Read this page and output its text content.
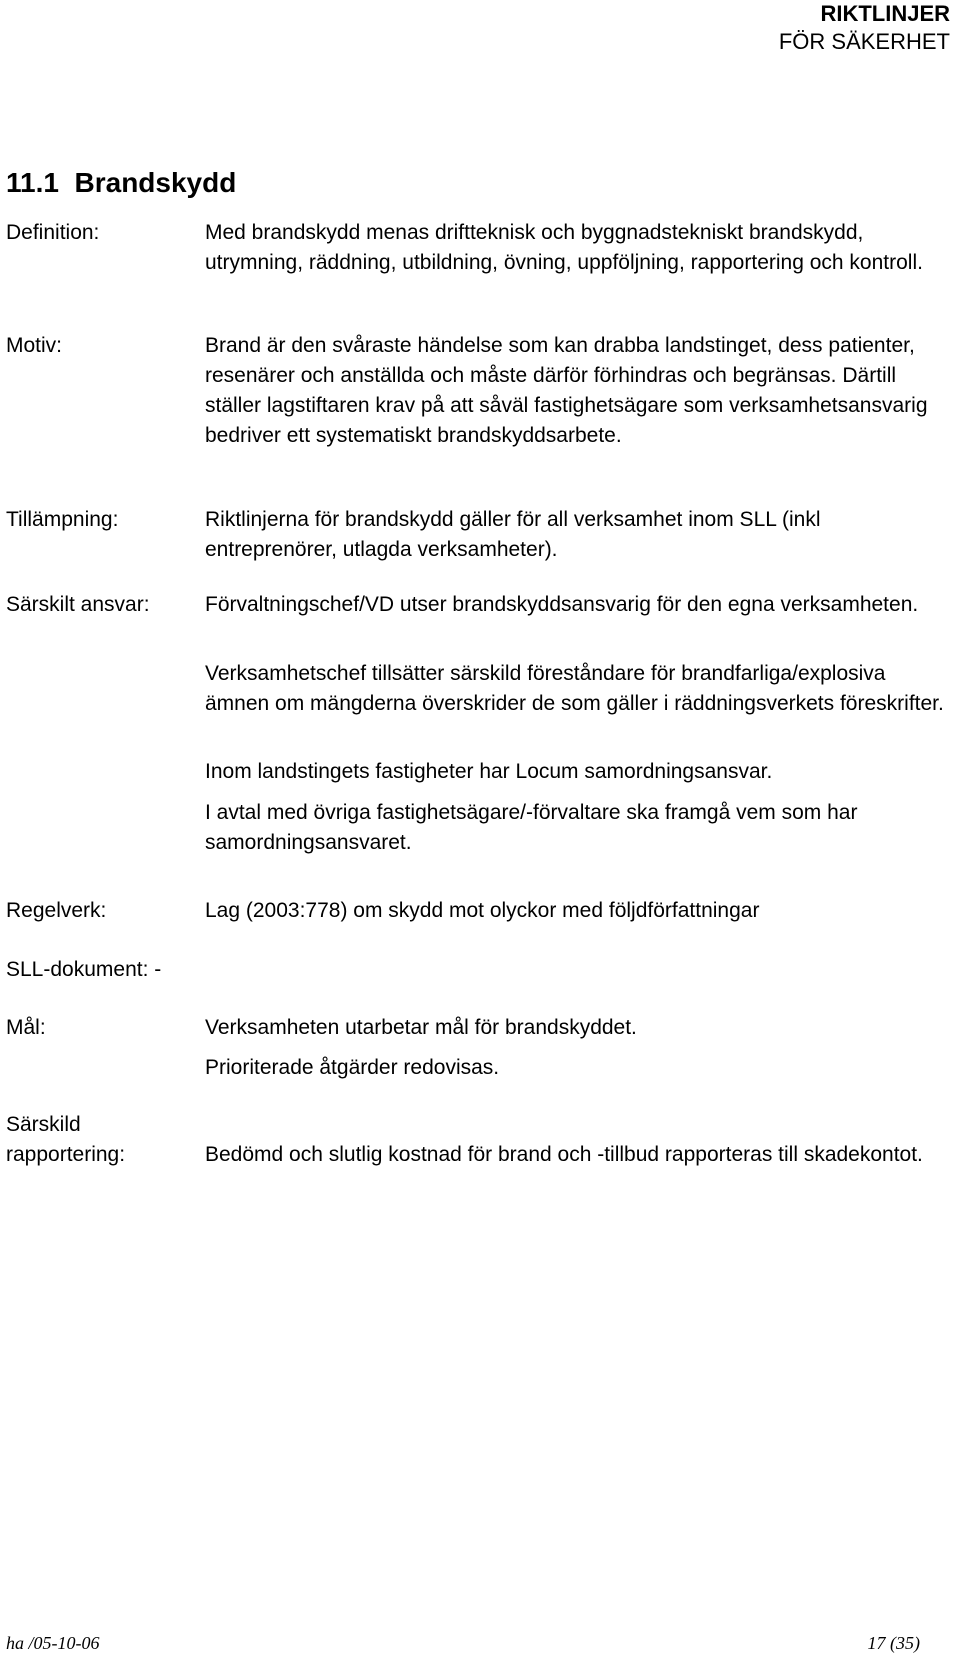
RIKTLINJER
FÖR SÄKERHET
11.1 Brandskydd
Definition:	Med brandskydd menas driftteknisk och byggnadstekniskt brandskydd, utrymning, räddning, utbildning, övning, uppföljning, rapportering och kontroll.
Motiv:	Brand är den svåraste händelse som kan drabba landstinget, dess patienter, resenärer och anställda och måste därför förhindras och begränsas. Därtill ställer lagstiftaren krav på att såväl fastighetsägare som verksamhetsansvarig bedriver ett systematiskt brandskyddsarbete.
Tillämpning:	Riktlinjerna för brandskydd gäller för all verksamhet inom SLL (inkl entreprenörer, utlagda verksamheter).
Särskilt ansvar:	Förvaltningschef/VD utser brandskyddsansvarig för den egna verksamheten.
Verksamhetschef tillsätter särskild föreståndare för brandfarliga/explosiva ämnen om mängderna överskrider de som gäller i räddningsverkets föreskrifter.
Inom landstingets fastigheter har Locum samordningsansvar.
I avtal med övriga fastighetsägare/-förvaltare ska framgå vem som har samordningsansvaret.
Regelverk:	Lag (2003:778) om skydd mot olyckor med följdförfattningar
SLL-dokument: -
Mål:	Verksamheten utarbetar mål för brandskyddet.
Prioriterade åtgärder redovisas.
Särskild
rapportering:	Bedömd och slutlig kostnad för brand och -tillbud rapporteras till skadekontot.
ha /05-10-06	17 (35)
